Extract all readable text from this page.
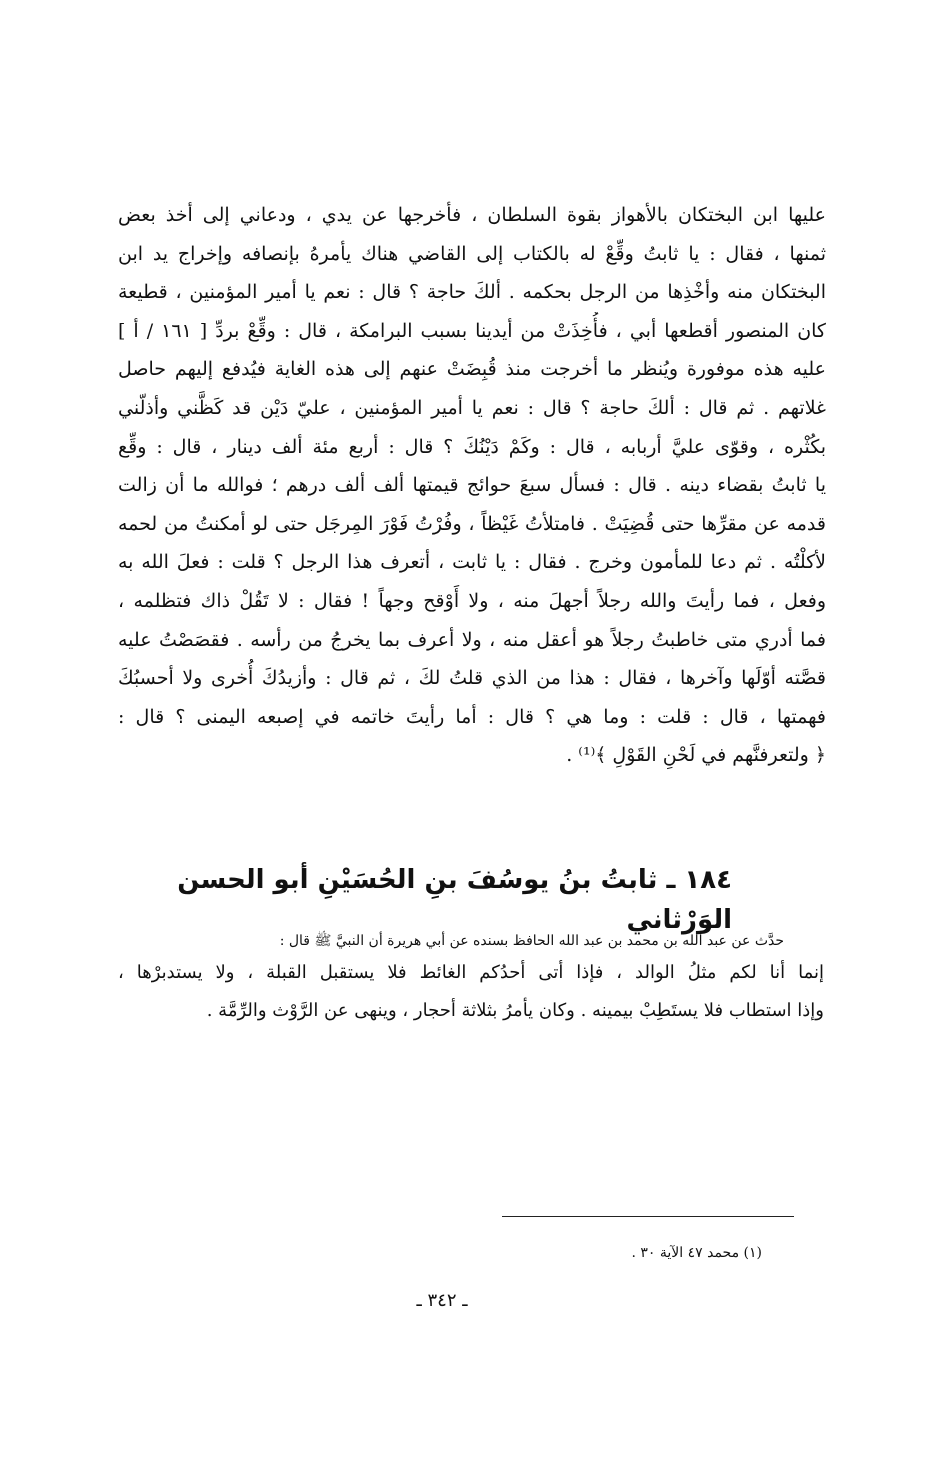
عليها ابن البختكان بالأهواز بقوة السلطان ، فأخرجها عن يدي ، ودعاني إلى أخذ بعض
ثمنها ، فقال : يا ثابتُ وقِّعْ له بالكتاب إلى القاضي هناك يأمرهُ بإنصافه وإخراج يد ابن
البختكان منه وأخْذِها من الرجل بحكمه . ألكَ حاجة ؟ قال : نعم يا أمير المؤمنين ، قطيعة
كان المنصور أقطعها أبي ، فأُخِذَتْ من أيدينا بسبب البرامكة ، قال : وقِّعْ بردِّ [ ١٦١ / أ ]
عليه هذه موفورة ويُنظر ما أخرجت منذ قُبِضَتْ عنهم إلى هذه الغاية فيُدفع إليهم حاصل
غلاتهم . ثم قال : ألكَ حاجة ؟ قال : نعم يا أمير المؤمنين ، عليّ دَيْن قد كَظَّني وأذلّني
بكُثْره ، وقوّى عليَّ أربابه ، قال : وكَمْ دَيْنُكَ ؟ قال : أربع مئة ألف دينار ، قال : وقِّع
يا ثابتُ بقضاء دينه . قال : فسأل سبعَ حوائج قيمتها ألف ألف درهم ؛ فوالله ما أن زالت
قدمه عن مقرِّها حتى قُضِيَتْ . فامتلأتُ غَيْظاً ، وفُرْتُ فَوْرَ المِرجَل حتى لو أمكنتُ من لحمه
لأكلْتُه . ثم دعا للمأمون وخرج . فقال : يا ثابت ، أتعرف هذا الرجل ؟ قلت : فعلَ الله به
وفعل ، فما رأيتَ والله رجلاً أجهلَ منه ، ولا أَوْقح وجهاً ! فقال : لا تَقُلْ ذاك فتظلمه ،
فما أدري متى خاطبتُ رجلاً هو أعقل منه ، ولا أعرف بما يخرجُ من رأسه . فقصَصْتُ عليه
قصَّته أوّلَها وآخرها ، فقال : هذا من الذي قلتُ لكَ ، ثم قال : وأزيدُكَ أُخرى ولا أحسبُكَ
فهمتها ، قال : قلت : وما هي ؟ قال : أما رأيتَ خاتمه في إصبعه اليمنى ؟ قال :
﴿ ولتعرفنَّهم في لَحْنِ القَوْلِ ﴾⁽¹⁾ .
١٨٤ ـ ثابتُ بنُ يوسُفَ بنِ الحُسَيْنِ أبو الحسن الوَرْثاني
حدَّث عن عبد الله بن محمد بن عبد الله الحافظ بسنده عن أبي هريرة أن النبيَّ ﷺ قال :
إنما أنا لكم مثلُ الوالد ، فإذا أتى أحدُكم الغائط فلا يستقبل القبلة ، ولا يستدبرْها ،
وإذا استطاب فلا يستَطِبْ بيمينه . وكان يأمرُ بثلاثة أحجار ، وينهى عن الرَّوْث والرِّمَّة .
(١) محمد ٤٧ الآية ٣٠ .
ـ ٣٤٢ ـ
